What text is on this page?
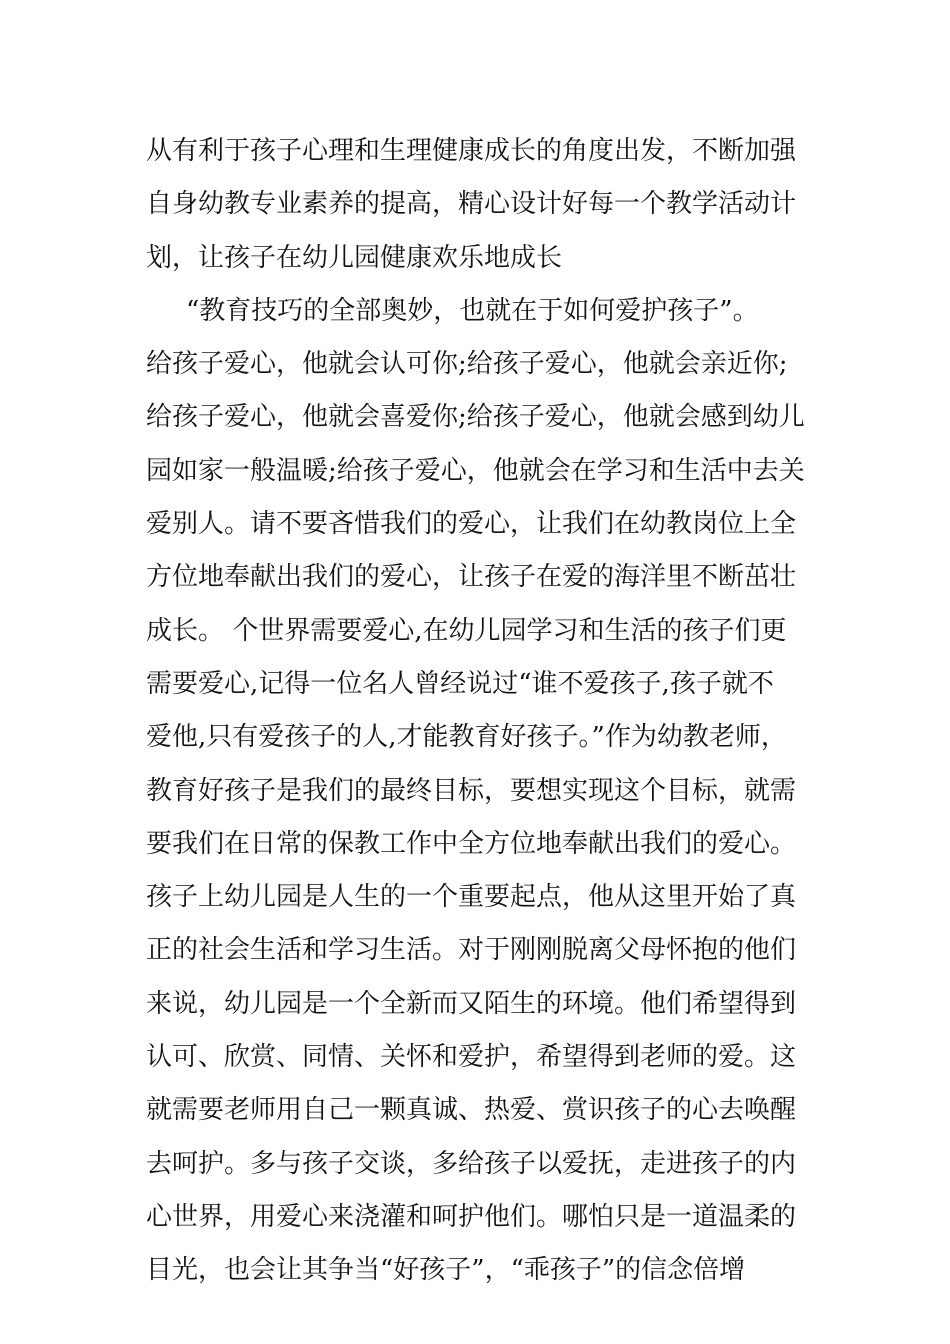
从有利于孩子心理和生理健康成长的角度出发，不断加强
自身幼教专业素养的提高，精心设计好每一个教学活动计
划，让孩子在幼儿园健康欢乐地成长
“教育技巧的全部奥妙，也就在于如何爱护孩子”。
给孩子爱心，他就会认可你;给孩子爱心，他就会亲近你;
给孩子爱心，他就会喜爱你;给孩子爱心，他就会感到幼儿
园如家一般温暖;给孩子爱心，他就会在学习和生活中去关
爱别人。请不要吝惜我们的爱心，让我们在幼教岗位上全
方位地奉献出我们的爱心，让孩子在爱的海洋里不断茁壮
成长。 个世界需要爱心,在幼儿园学习和生活的孩子们更
需要爱心,记得一位名人曾经说过“谁不爱孩子,孩子就不
爱他,只有爱孩子的人,才能教育好孩子。”作为幼教老师，
教育好孩子是我们的最终目标，要想实现这个目标，就需
要我们在日常的保教工作中全方位地奉献出我们的爱心。
孩子上幼儿园是人生的一个重要起点，他从这里开始了真
正的社会生活和学习生活。对于刚刚脱离父母怀抱的他们
来说，幼儿园是一个全新而又陌生的环境。他们希望得到
认可、欣赏、同情、关怀和爱护，希望得到老师的爱。这
就需要老师用自己一颗真诚、热爱、赏识孩子的心去唤醒
去呵护。多与孩子交谈，多给孩子以爱抚，走进孩子的内
心世界，用爱心来浇灌和呵护他们。哪怕只是一道温柔的
目光，也会让其争当“好孩子”，“乖孩子”的信念倍增
